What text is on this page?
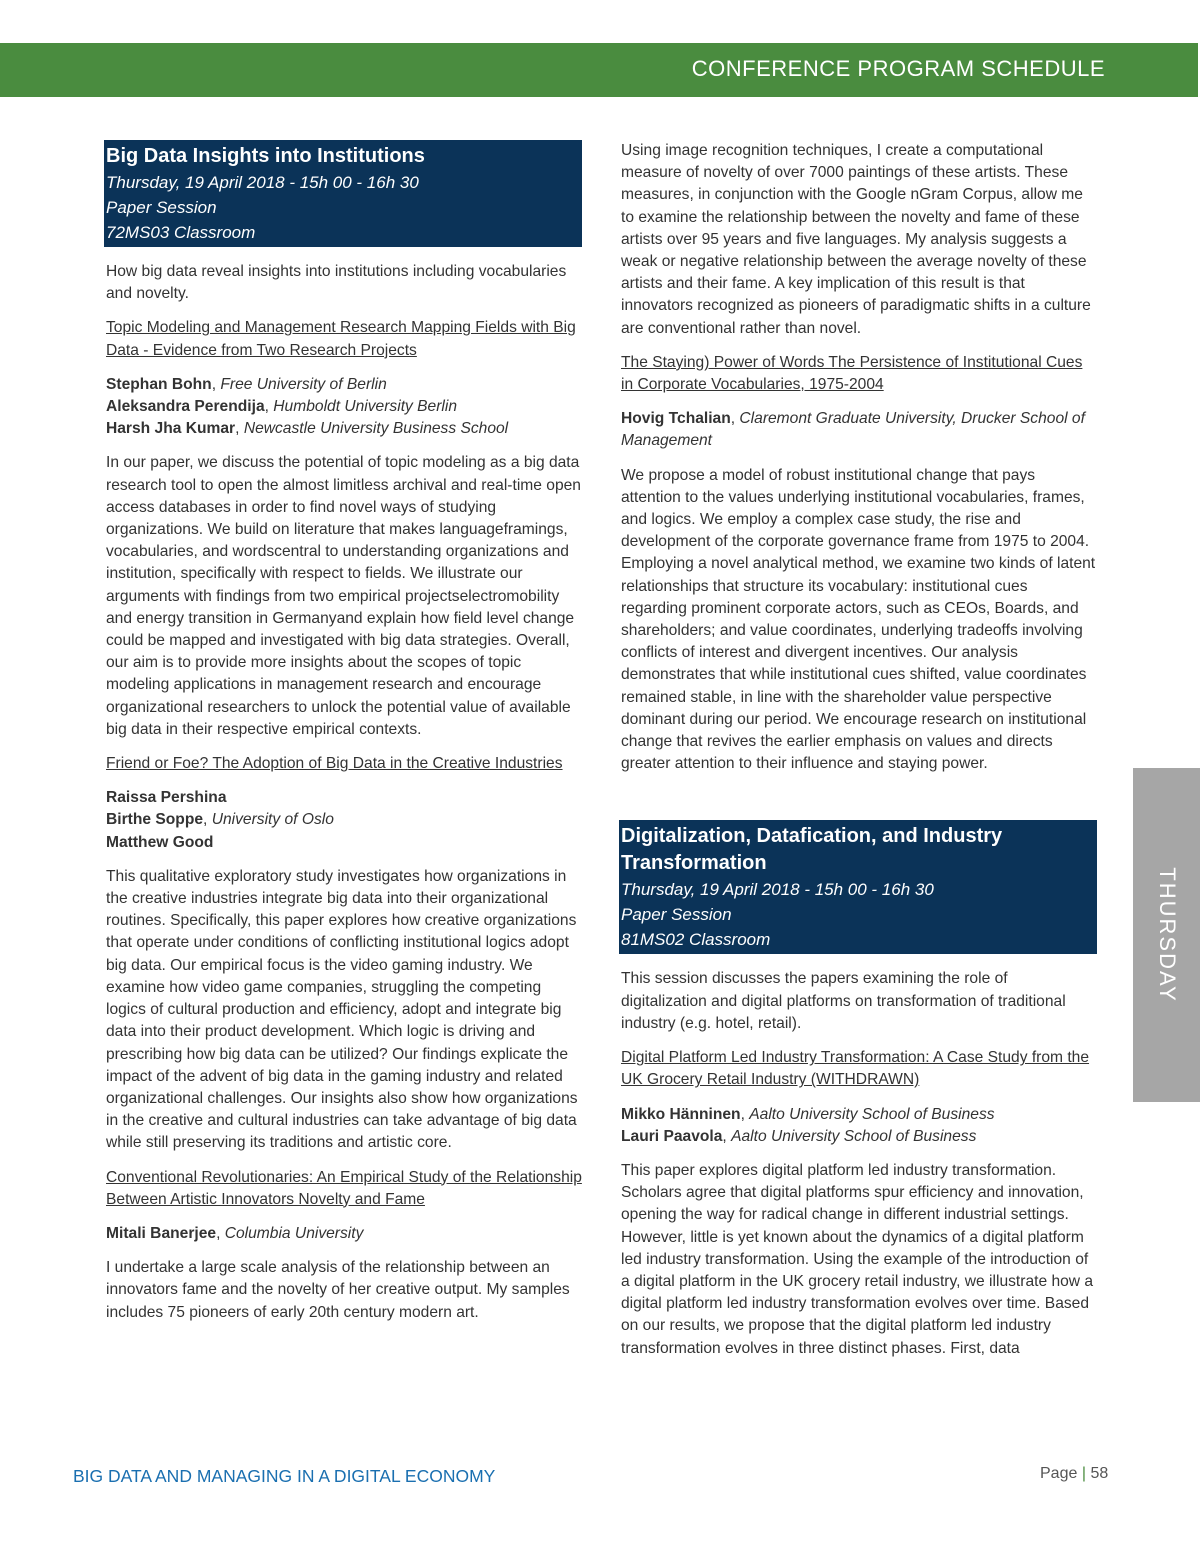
CONFERENCE PROGRAM SCHEDULE
Big Data Insights into Institutions
Thursday, 19 April 2018 - 15h 00 - 16h 30
Paper Session
72MS03 Classroom

How big data reveal insights into institutions including vocabularies and novelty.

Topic Modeling and Management Research Mapping Fields with Big Data - Evidence from Two Research Projects

Stephan Bohn, Free University of Berlin

Aleksandra Perendija, Humboldt University Berlin

Harsh Jha Kumar, Newcastle University Business School

In our paper, we discuss the potential of topic modeling as a big data research tool to open the almost limitless archival and real-time open access databases in order to find novel ways of studying organizations. We build on literature that makes languageframings, vocabularies, and wordscentral to understanding organizations and institution, specifically with respect to fields. We illustrate our arguments with findings from two empirical projectselectromobility and energy transition in Germanyand explain how field level change could be mapped and investigated with big data strategies. Overall, our aim is to provide more insights about the scopes of topic modeling applications in management research and encourage organizational researchers to unlock the potential value of available big data in their respective empirical contexts.

Friend or Foe? The Adoption of Big Data in the Creative Industries

Raissa Pershina

Birthe Soppe, University of Oslo

Matthew Good

This qualitative exploratory study investigates how organizations in the creative industries integrate big data into their organizational routines. Specifically, this paper explores how creative organizations that operate under conditions of conflicting institutional logics adopt big data. Our empirical focus is the video gaming industry. We examine how video game companies, struggling the competing logics of cultural production and efficiency, adopt and integrate big data into their product development. Which logic is driving and prescribing how big data can be utilized? Our findings explicate the impact of the advent of big data in the gaming industry and related organizational challenges. Our insights also show how organizations in the creative and cultural industries can take advantage of big data while still preserving its traditions and artistic core.

Conventional Revolutionaries: An Empirical Study of the Relationship Between Artistic Innovators Novelty and Fame

Mitali Banerjee, Columbia University

I undertake a large scale analysis of the relationship between an innovators fame and the novelty of her creative output. My samples includes 75 pioneers of early 20th century modern art.

Using image recognition techniques, I create a computational measure of novelty of over 7000 paintings of these artists. These measures, in conjunction with the Google nGram Corpus, allow me to examine the relationship between the novelty and fame of these artists over 95 years and five languages. My analysis suggests a weak or negative relationship between the average novelty of these artists and their fame. A key implication of this result is that innovators recognized as pioneers of paradigmatic shifts in a culture are conventional rather than novel.

The Staying) Power of Words The Persistence of Institutional Cues in Corporate Vocabularies, 1975-2004

Hovig Tchalian, Claremont Graduate University, Drucker School of Management

We propose a model of robust institutional change that pays attention to the values underlying institutional vocabularies, frames, and logics. We employ a complex case study, the rise and development of the corporate governance frame from 1975 to 2004. Employing a novel analytical method, we examine two kinds of latent relationships that structure its vocabulary: institutional cues regarding prominent corporate actors, such as CEOs, Boards, and shareholders; and value coordinates, underlying tradeoffs involving conflicts of interest and divergent incentives. Our analysis demonstrates that while institutional cues shifted, value coordinates remained stable, in line with the shareholder value perspective dominant during our period. We encourage research on institutional change that revives the earlier emphasis on values and directs greater attention to their influence and staying power.

Digitalization, Datafication, and Industry Transformation
Thursday, 19 April 2018 - 15h 00 - 16h 30
Paper Session
81MS02 Classroom

This session discusses the papers examining the role of digitalization and digital platforms on transformation of traditional industry (e.g. hotel, retail).

Digital Platform Led Industry Transformation: A Case Study from the UK Grocery Retail Industry (WITHDRAWN)

Mikko Hänninen, Aalto University School of Business

Lauri Paavola, Aalto University School of Business

This paper explores digital platform led industry transformation. Scholars agree that digital platforms spur efficiency and innovation, opening the way for radical change in different industrial settings. However, little is yet known about the dynamics of a digital platform led industry transformation. Using the example of the introduction of a digital platform in the UK grocery retail industry, we illustrate how a digital platform led industry transformation evolves over time. Based on our results, we propose that the digital platform led industry transformation evolves in three distinct phases. First, data

THURSDAY
BIG DATA AND MANAGING IN A DIGITAL ECONOMY	Page | 58
